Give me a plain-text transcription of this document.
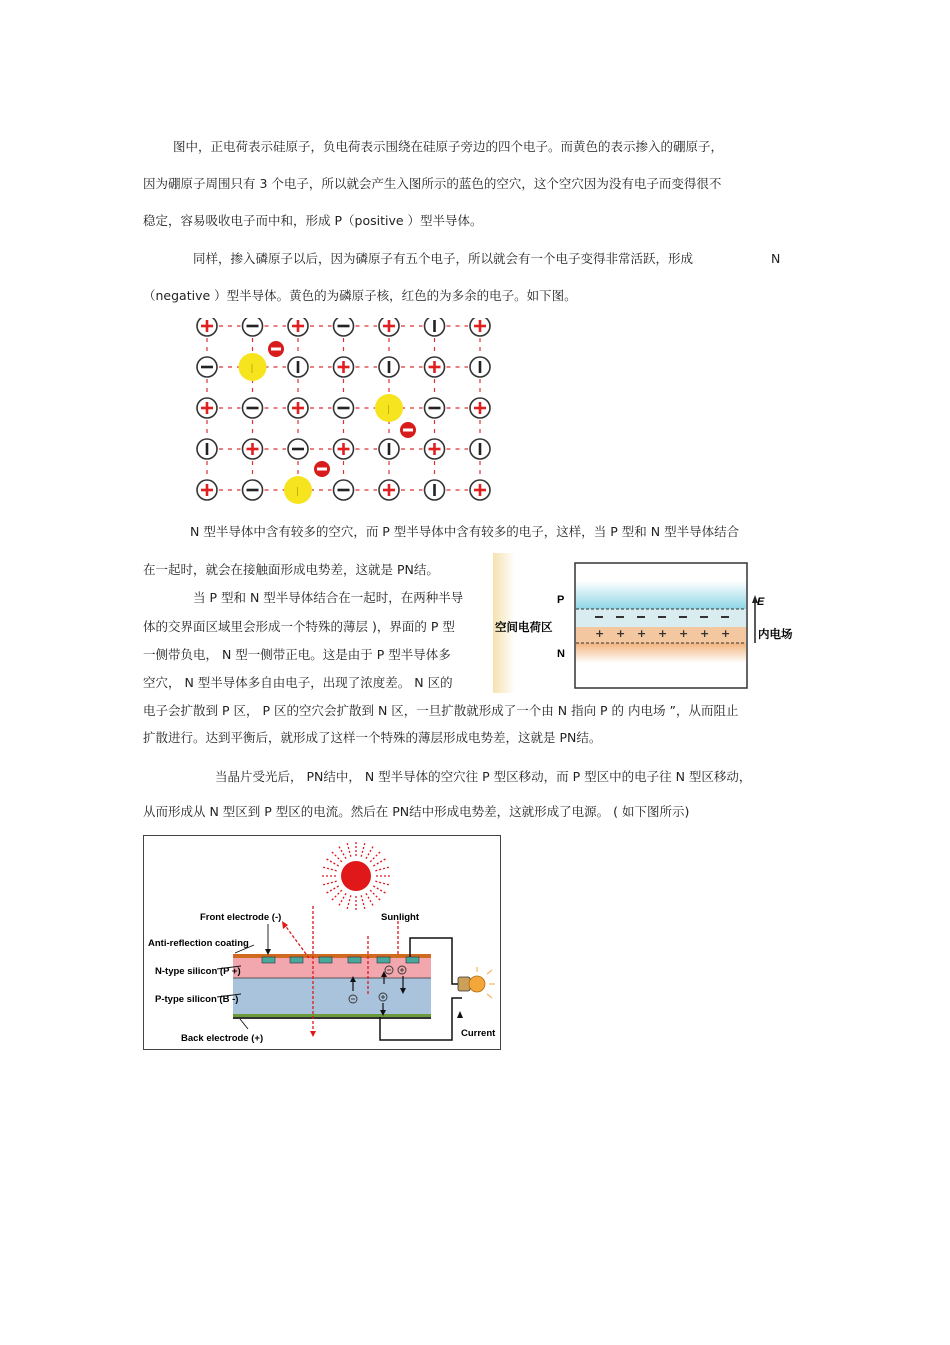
图中，正电荷表示硅原子，负电荷表示围绕在硅原子旁边的四个电子。而黄色的表示掺入的硼原子，
因为硼原子周围只有 3 个电子，所以就会产生入图所示的蓝色的空穴，这个空穴因为没有电子而变得很不
稳定，容易吸收电子而中和，形成 P（positive ）型半导体。
同样，掺入磷原子以后，因为磷原子有五个电子，所以就会有一个电子变得非常活跃，形成	N
（negative ）型半导体。黄色的为磷原子核，红色的为多余的电子。如下图。
|
|
|
N 型半导体中含有较多的空穴，而 P 型半导体中含有较多的电子，这样，当 P 型和 N 型半导体结合
在一起时，就会在接触面形成电势差，这就是 PN结。
当 P 型和 N 型半导体结合在一起时，在两种半导
体的交界面区域里会形成一个特殊的薄层 )，界面的 P 型
一侧带负电， N 型一侧带正电。这是由于 P 型半导体多
空穴， N 型半导体多自由电子，出现了浓度差。 N 区的
电子会扩散到 P 区， P 区的空穴会扩散到 N 区，一旦扩散就形成了一个由 N 指向 P 的 内电场 ”，从而阻止
扩散进行。达到平衡后，就形成了这样一个特殊的薄层形成电势差，这就是 PN结。
+ + + + + + +
E
P
N
空间电荷区	内电场
当晶片受光后， PN结中， N 型半导体的空穴往 P 型区移动，而 P 型区中的电子往 N 型区移动，
从而形成从 N 型区到 P 型区的电流。然后在 PN结中形成电势差，这就形成了电源。 ( 如下图所示)
Front electrode (-)	Sunlight
Anti-reflection coating
N-type silicon (P +)
P-type silicon (B -)
Back electrode (+)	Current
